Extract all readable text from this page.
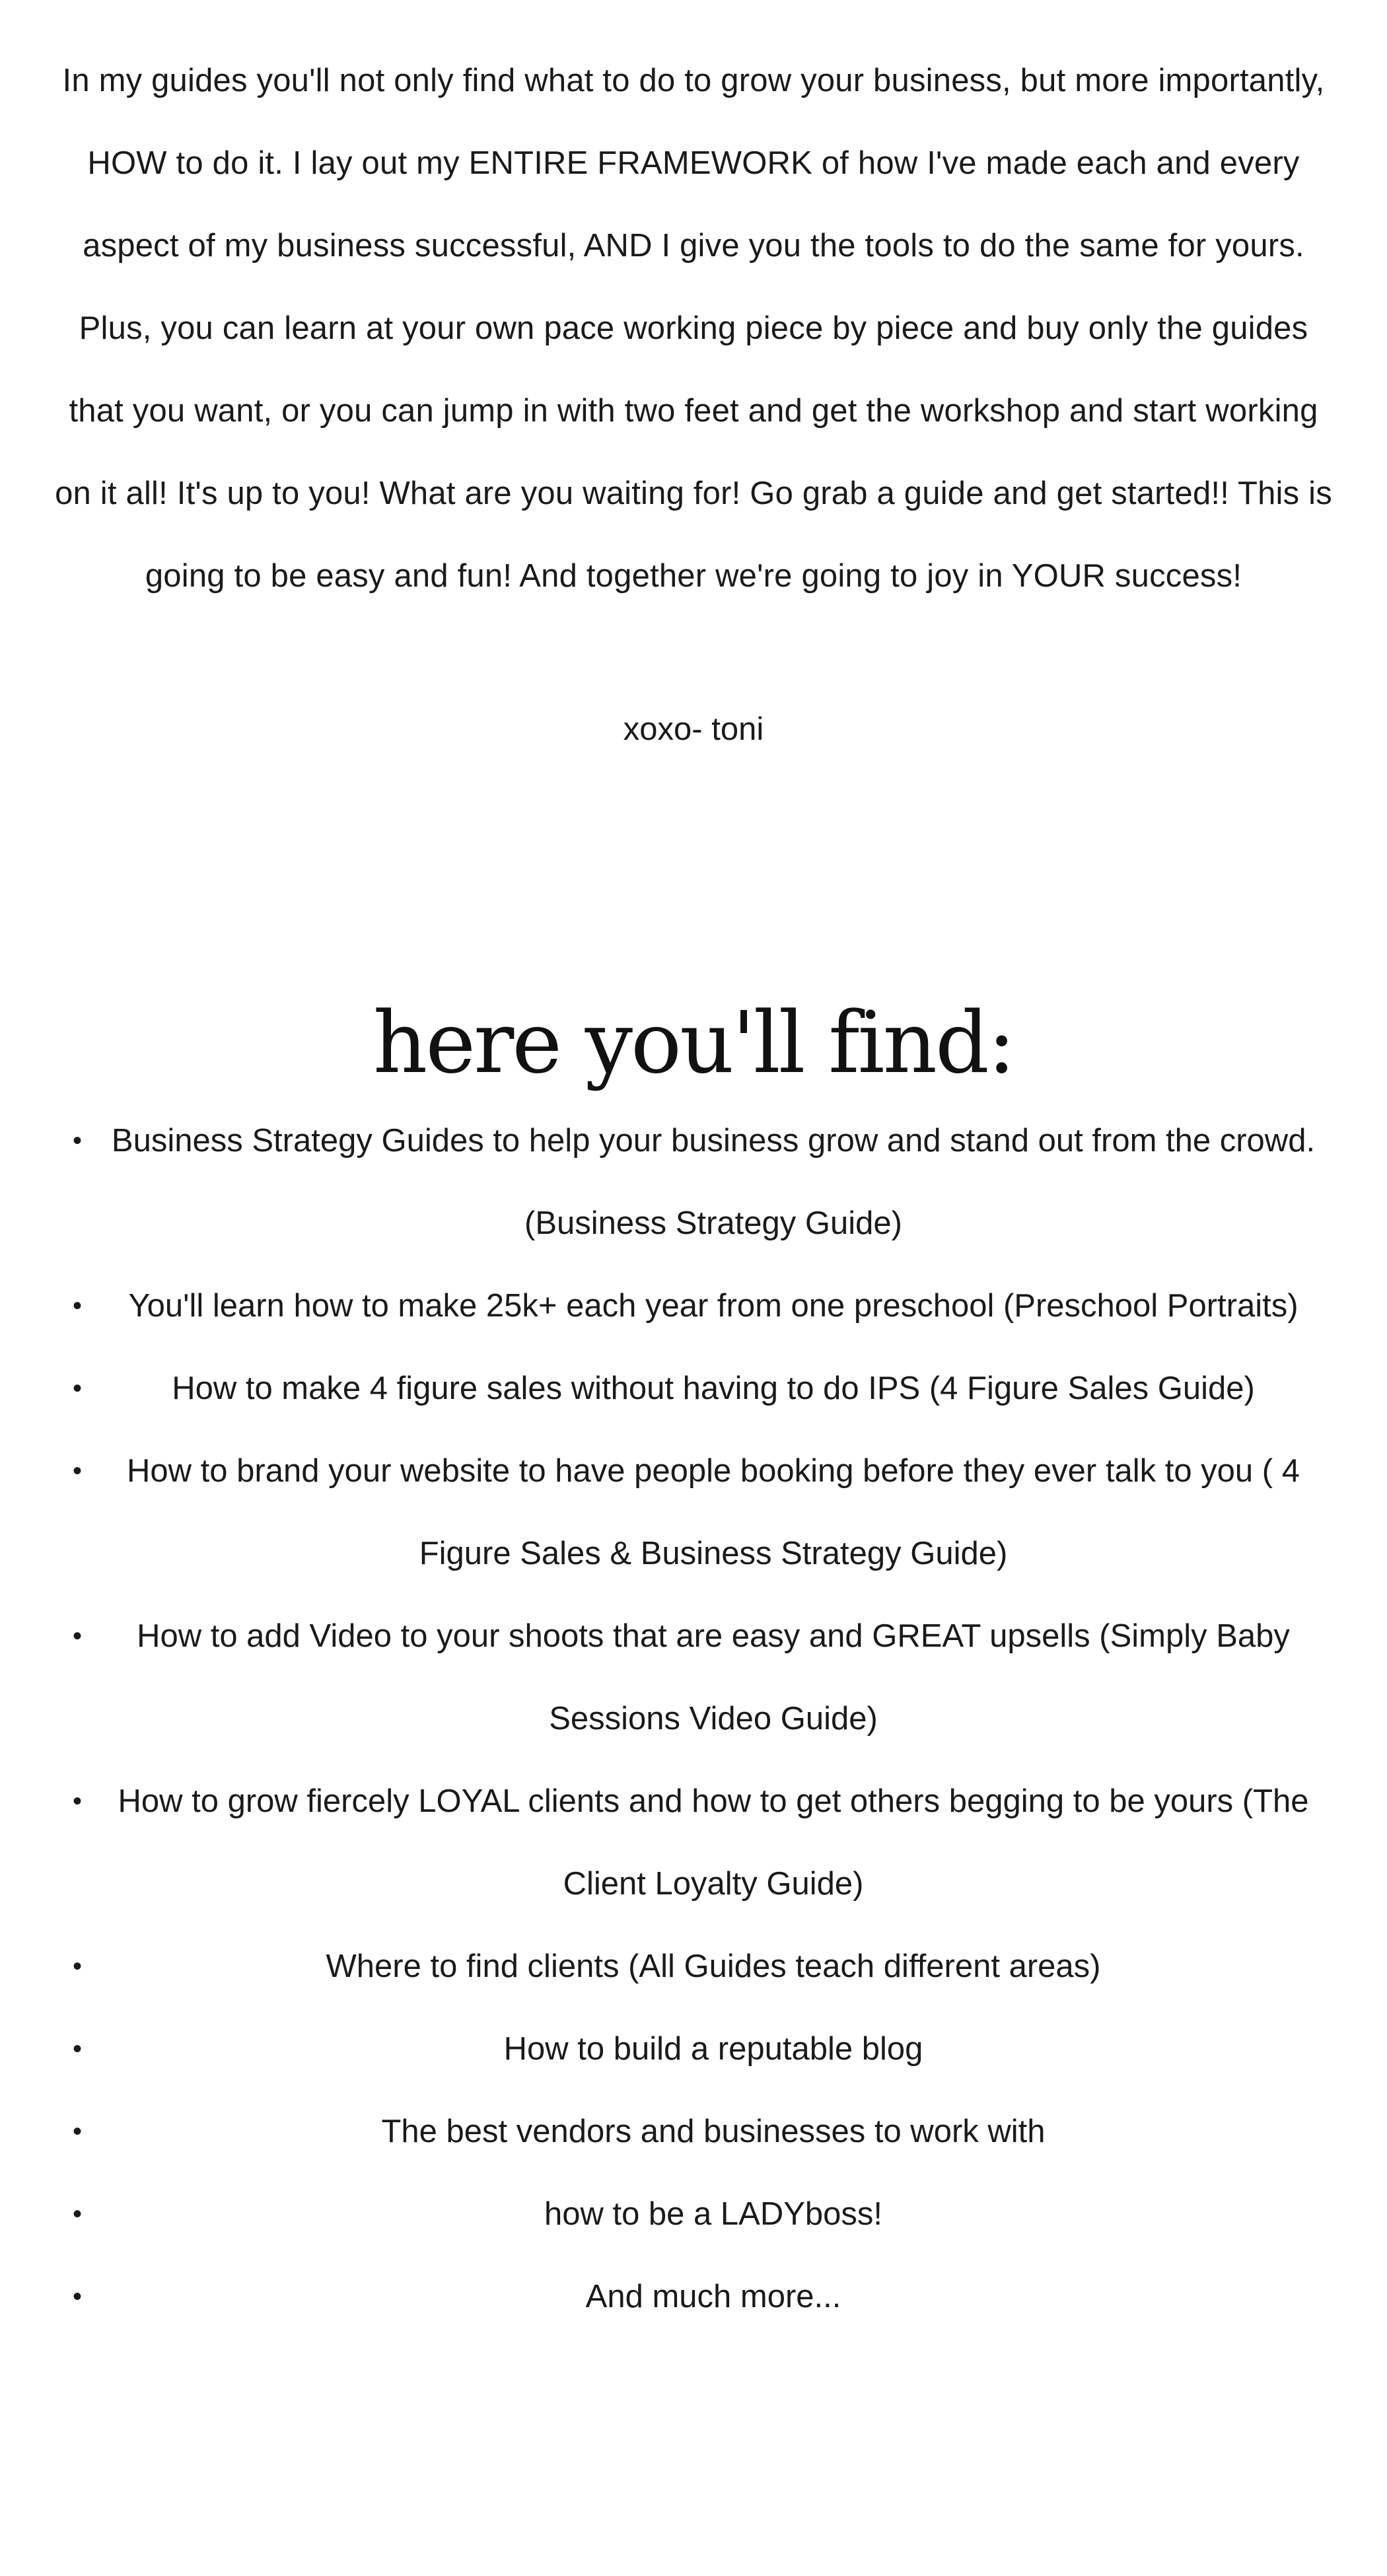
In my guides you'll not only find what to do to grow your business, but more importantly, HOW to do it. I lay out my ENTIRE FRAMEWORK of how I've made each and every aspect of my business successful, AND I give you the tools to do the same for yours. Plus, you can learn at your own pace working piece by piece and buy only the guides that you want, or you can jump in with two feet and get the workshop and start working on it all! It's up to you! What are you waiting for! Go grab a guide and get started!! This is going to be easy and fun! And together we're going to joy in YOUR success!
xoxo- toni
here you'll find:
• Business Strategy Guides to help your business grow and stand out from the crowd. (Business Strategy Guide)
•	You'll learn how to make 25k+ each year from one preschool (Preschool Portraits)
•	How to make 4 figure sales without having to do IPS (4 Figure Sales Guide)
•	How to brand your website to have people booking before they ever talk to you ( 4 Figure Sales & Business Strategy Guide)
•	How to add Video to your shoots that are easy and GREAT upsells (Simply Baby Sessions Video Guide)
•	How to grow fiercely LOYAL clients and how to get others begging to be yours (The Client Loyalty Guide)
•	Where to find clients (All Guides teach different areas)
•	How to build a reputable blog
•	The best vendors and businesses to work with
•	how to be a LADYboss!
•	And much more...
